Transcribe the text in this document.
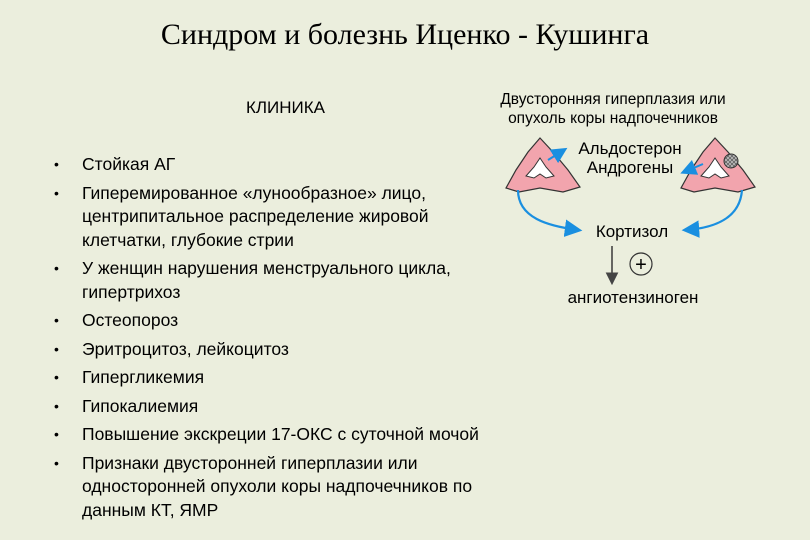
Синдром и болезнь Иценко - Кушинга
КЛИНИКА
• Стойкая АГ
• Гиперемированное «лунообразное» лицо, центрипитальное распределение жировой клетчатки, глубокие стрии
• У женщин нарушения менструального цикла, гипертрихоз
• Остеопороз
• Эритроцитоз, лейкоцитоз
• Гипергликемия
• Гипокалиемия
• Повышение экскреции 17-ОКС с суточной мочой
• Признаки двусторонней гиперплазии или односторонней опухоли коры надпочечников по данным КТ, ЯМР
+
Двусторонняя гиперплазия или опухоль коры надпочечников
Альдостерон
Андрогены
Кортизол
ангиотензиноген
